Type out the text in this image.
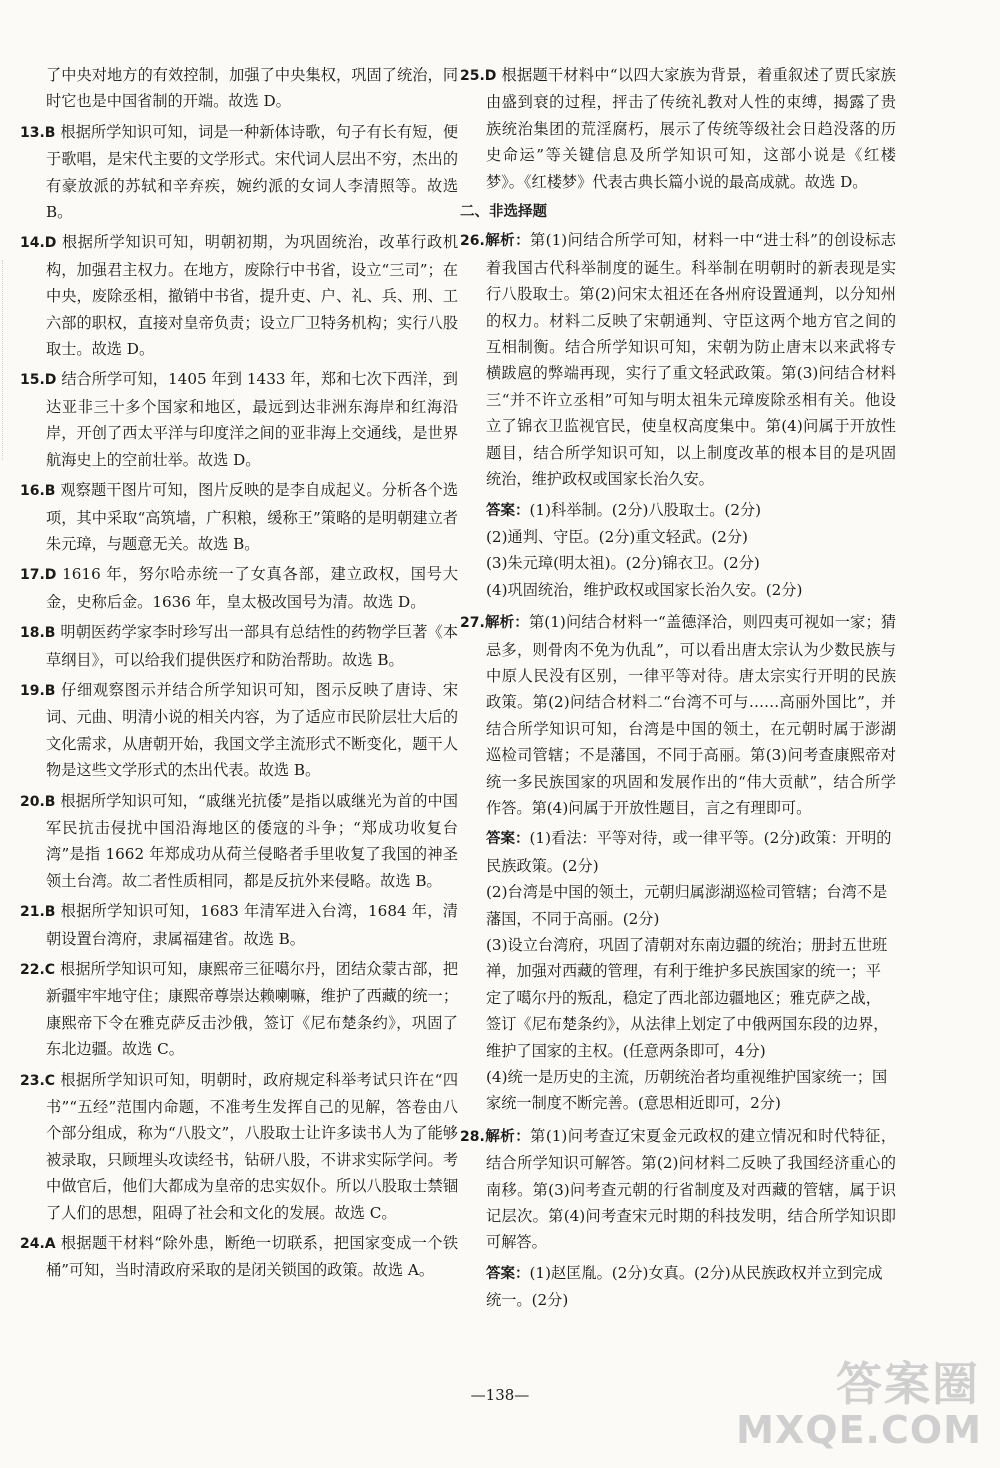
了中央对地方的有效控制，加强了中央集权，巩固了统治，同时它也是中国省制的开端。故选 D。

13.B 根据所学知识可知，词是一种新体诗歌，句子有长有短，便于歌唱，是宋代主要的文学形式。宋代词人层出不穷，杰出的有豪放派的苏轼和辛弃疾，婉约派的女词人李清照等。故选 B。

14.D 根据所学知识可知，明朝初期，为巩固统治，改革行政机构，加强君主权力。在地方，废除行中书省，设立“三司”；在中央，废除丞相，撤销中书省，提升吏、户、礼、兵、刑、工六部的职权，直接对皇帝负责；设立厂卫特务机构；实行八股取士。故选 D。

15.D 结合所学可知，1405 年到 1433 年，郑和七次下西洋，到达亚非三十多个国家和地区，最远到达非洲东海岸和红海沿岸，开创了西太平洋与印度洋之间的亚非海上交通线，是世界航海史上的空前壮举。故选 D。

16.B 观察题干图片可知，图片反映的是李自成起义。分析各个选项，其中采取“高筑墙，广积粮，缓称王”策略的是明朝建立者朱元璋，与题意无关。故选 B。

17.D 1616 年，努尔哈赤统一了女真各部，建立政权，国号大金，史称后金。1636 年，皇太极改国号为清。故选 D。

18.B 明朝医药学家李时珍写出一部具有总结性的药物学巨著《本草纲目》，可以给我们提供医疗和防治帮助。故选 B。

19.B 仔细观察图示并结合所学知识可知，图示反映了唐诗、宋词、元曲、明清小说的相关内容，为了适应市民阶层壮大后的文化需求，从唐朝开始，我国文学主流形式不断变化，题干人物是这些文学形式的杰出代表。故选 B。

20.B 根据所学知识可知，“戚继光抗倭”是指以戚继光为首的中国军民抗击侵扰中国沿海地区的倭寇的斗争；“郑成功收复台湾”是指 1662 年郑成功从荷兰侵略者手里收复了我国的神圣领土台湾。故二者性质相同，都是反抗外来侵略。故选 B。

21.B 根据所学知识可知，1683 年清军进入台湾，1684 年，清朝设置台湾府，隶属福建省。故选 B。

22.C 根据所学知识可知，康熙帝三征噶尔丹，团结众蒙古部，把新疆牢牢地守住；康熙帝尊崇达赖喇嘛，维护了西藏的统一；康熙帝下令在雅克萨反击沙俄，签订《尼布楚条约》，巩固了东北边疆。故选 C。

23.C 根据所学知识可知，明朝时，政府规定科举考试只许在“四书”“五经”范围内命题，不准考生发挥自己的见解，答卷由八个部分组成，称为“八股文”，八股取士让许多读书人为了能够被录取，只顾埋头攻读经书，钻研八股，不讲求实际学问。考中做官后，他们大都成为皇帝的忠实奴仆。所以八股取士禁锢了人们的思想，阻碍了社会和文化的发展。故选 C。

24.A 根据题干材料“除外患，断绝一切联系，把国家变成一个铁桶”可知，当时清政府采取的是闭关锁国的政策。故选 A。

25.D 根据题干材料中“以四大家族为背景，着重叙述了贾氏家族由盛到衰的过程，抨击了传统礼教对人性的束缚，揭露了贵族统治集团的荒淫腐朽，展示了传统等级社会日趋没落的历史命运”等关键信息及所学知识可知，这部小说是《红楼梦》。《红楼梦》代表古典长篇小说的最高成就。故选 D。

二、非选择题

26.解析：第(1)问结合所学可知，材料一中“进士科”的创设标志着我国古代科举制度的诞生。科举制在明朝时的新表现是实行八股取士。第(2)问宋太祖还在各州府设置通判，以分知州的权力。材料二反映了宋朝通判、守臣这两个地方官之间的互相制衡。结合所学知识可知，宋朝为防止唐末以来武将专横跋扈的弊端再现，实行了重文轻武政策。第(3)问结合材料三“并不许立丞相”可知与明太祖朱元璋废除丞相有关。他设立了锦衣卫监视官民，使皇权高度集中。第(4)问属于开放性题目，结合所学知识可知，以上制度改革的根本目的是巩固统治，维护政权或国家长治久安。

答案：(1)科举制。(2分)八股取士。(2分)

(2)通判、守臣。(2分)重文轻武。(2分)

(3)朱元璋(明太祖)。(2分)锦衣卫。(2分)

(4)巩固统治，维护政权或国家长治久安。(2分)

27.解析：第(1)问结合材料一“盖德泽洽，则四夷可视如一家；猜忌多，则骨肉不免为仇乱”，可以看出唐太宗认为少数民族与中原人民没有区别，一律平等对待。唐太宗实行开明的民族政策。第(2)问结合材料二“台湾不可与……高丽外国比”，并结合所学知识可知，台湾是中国的领土，在元朝时属于澎湖巡检司管辖；不是藩国，不同于高丽。第(3)问考查康熙帝对统一多民族国家的巩固和发展作出的“伟大贡献”，结合所学作答。第(4)问属于开放性题目，言之有理即可。

答案：(1)看法：平等对待，或一律平等。(2分)政策：开明的民族政策。(2分)

(2)台湾是中国的领土，元朝归属澎湖巡检司管辖；台湾不是藩国，不同于高丽。(2分)

(3)设立台湾府，巩固了清朝对东南边疆的统治；册封五世班禅，加强对西藏的管理，有利于维护多民族国家的统一；平定了噶尔丹的叛乱，稳定了西北部边疆地区；雅克萨之战，签订《尼布楚条约》，从法律上划定了中俄两国东段的边界，维护了国家的主权。(任意两条即可，4分)

(4)统一是历史的主流，历朝统治者均重视维护国家统一；国家统一制度不断完善。(意思相近即可，2分)

28.解析：第(1)问考查辽宋夏金元政权的建立情况和时代特征，结合所学知识可解答。第(2)问材料二反映了我国经济重心的南移。第(3)问考查元朝的行省制度及对西藏的管辖，属于识记层次。第(4)问考查宋元时期的科技发明，结合所学知识即可解答。

答案：(1)赵匡胤。(2分)女真。(2分)从民族政权并立到完成统一。(2分)

—138—	答案圈
MXQE.COM
